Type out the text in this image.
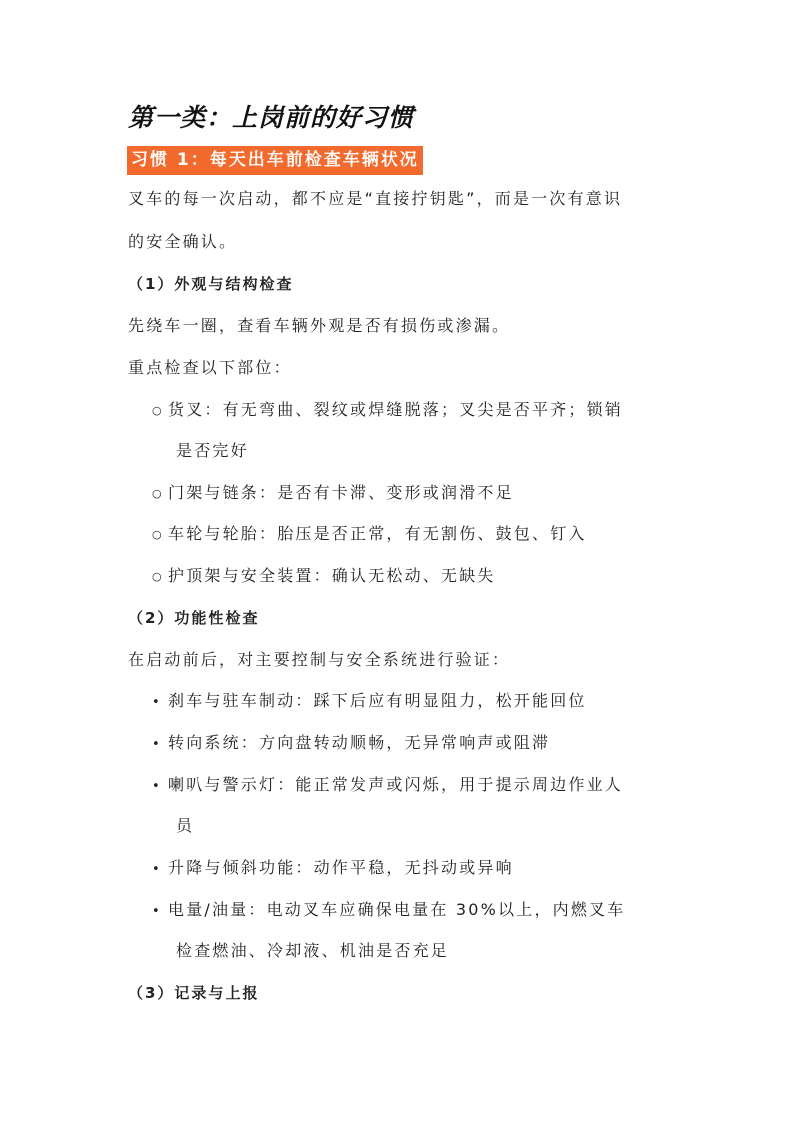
第一类：上岗前的好习惯
习惯 1：每天出车前检查车辆状况
叉车的每一次启动，都不应是“直接拧钥匙”，而是一次有意识
的安全确认。
（1）外观与结构检查
先绕车一圈，查看车辆外观是否有损伤或渗漏。
重点检查以下部位：
○ 货叉：有无弯曲、裂纹或焊缝脱落；叉尖是否平齐；锁销
是否完好
○ 门架与链条：是否有卡滞、变形或润滑不足
○ 车轮与轮胎：胎压是否正常，有无割伤、鼓包、钉入
○ 护顶架与安全装置：确认无松动、无缺失
（2）功能性检查
在启动前后，对主要控制与安全系统进行验证：
• 刹车与驻车制动：踩下后应有明显阻力，松开能回位
• 转向系统：方向盘转动顺畅，无异常响声或阻滞
• 喇叭与警示灯：能正常发声或闪烁，用于提示周边作业人
员
• 升降与倾斜功能：动作平稳，无抖动或异响
• 电量/油量：电动叉车应确保电量在 30%以上，内燃叉车
检查燃油、冷却液、机油是否充足
（3）记录与上报
